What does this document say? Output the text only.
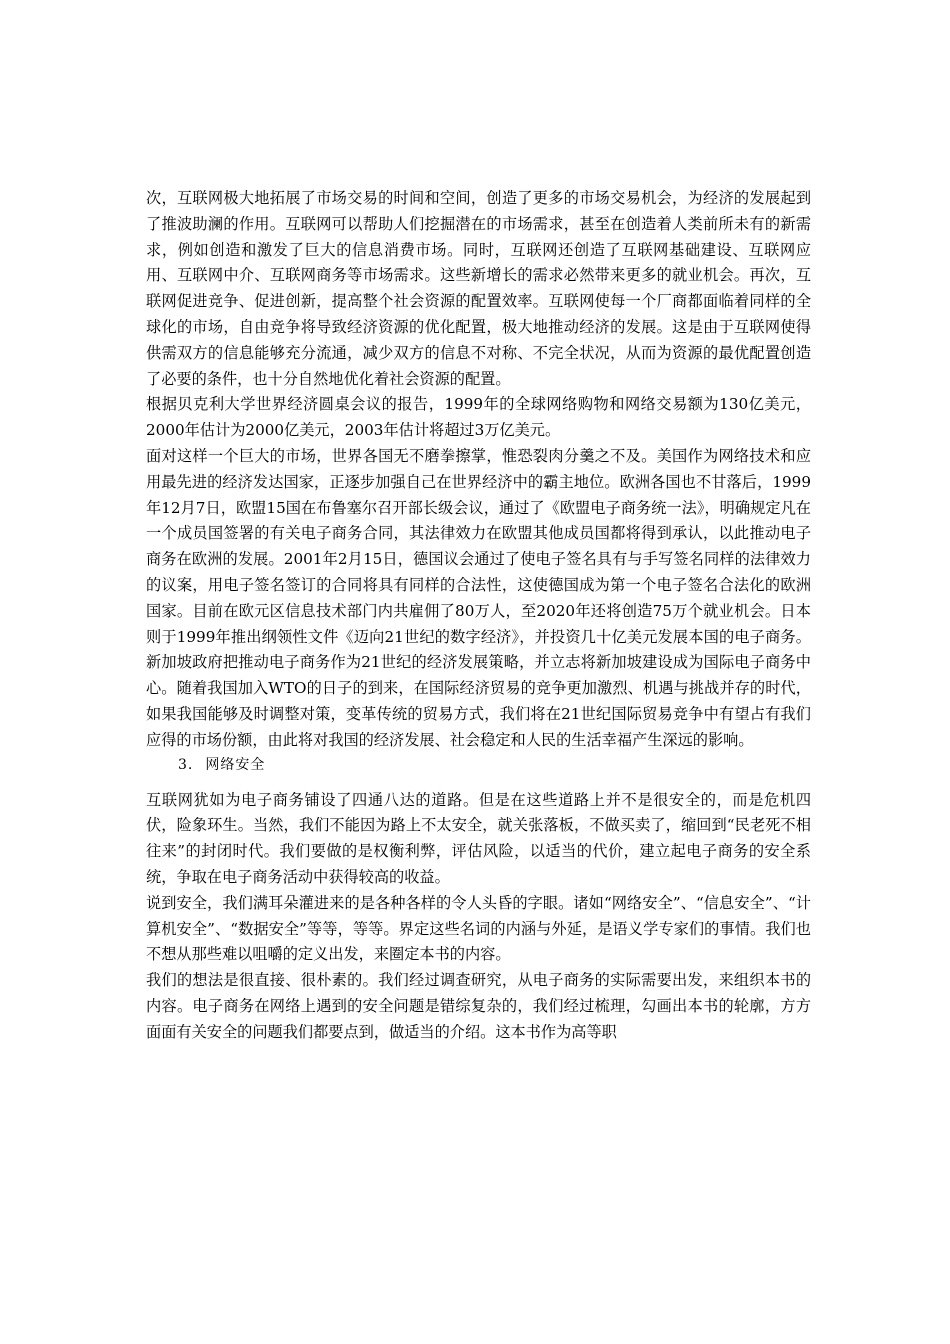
次，互联网极大地拓展了市场交易的时间和空间，创造了更多的市场交易机会，为经济的发展起到了推波助澜的作用。互联网可以帮助人们挖掘潜在的市场需求，甚至在创造着人类前所未有的新需求，例如创造和激发了巨大的信息消费市场。同时，互联网还创造了互联网基础建设、互联网应用、互联网中介、互联网商务等市场需求。这些新增长的需求必然带来更多的就业机会。再次，互联网促进竞争、促进创新，提高整个社会资源的配置效率。互联网使每一个厂商都面临着同样的全球化的市场，自由竞争将导致经济资源的优化配置，极大地推动经济的发展。这是由于互联网使得供需双方的信息能够充分流通，减少双方的信息不对称、不完全状况，从而为资源的最优配置创造了必要的条件，也十分自然地优化着社会资源的配置。

根据贝克利大学世界经济圆桌会议的报告，1999年的全球网络购物和网络交易额为130亿美元，2000年估计为2000亿美元，2003年估计将超过3万亿美元。

面对这样一个巨大的市场，世界各国无不磨拳擦掌，惟恐裂肉分羹之不及。美国作为网络技术和应用最先进的经济发达国家，正逐步加强自己在世界经济中的霸主地位。欧洲各国也不甘落后，1999年12月7日，欧盟15国在布鲁塞尔召开部长级会议，通过了《欧盟电子商务统一法》，明确规定凡在一个成员国签署的有关电子商务合同，其法律效力在欧盟其他成员国都将得到承认，以此推动电子商务在欧洲的发展。2001年2月15日，德国议会通过了使电子签名具有与手写签名同样的法律效力的议案，用电子签名签订的合同将具有同样的合法性，这使德国成为第一个电子签名合法化的欧洲国家。目前在欧元区信息技术部门内共雇佣了80万人，至2020年还将创造75万个就业机会。日本则于1999年推出纲领性文件《迈向21世纪的数字经济》，并投资几十亿美元发展本国的电子商务。新加坡政府把推动电子商务作为21世纪的经济发展策略，并立志将新加坡建设成为国际电子商务中心。随着我国加入WTO的日子的到来，在国际经济贸易的竞争更加激烈、机遇与挑战并存的时代，如果我国能够及时调整对策，变革传统的贸易方式，我们将在21世纪国际贸易竞争中有望占有我们应得的市场份额，由此将对我国的经济发展、社会稳定和人民的生活幸福产生深远的影响。

3. 网络安全

互联网犹如为电子商务铺设了四通八达的道路。但是在这些道路上并不是很安全的，而是危机四伏，险象环生。当然，我们不能因为路上不太安全，就关张落板，不做买卖了，缩回到“民老死不相往来”的封闭时代。我们要做的是权衡利弊，评估风险，以适当的代价，建立起电子商务的安全系统，争取在电子商务活动中获得较高的收益。

说到安全，我们满耳朵灌进来的是各种各样的令人头昏的字眼。诸如“网络安全”、“信息安全”、“计算机安全”、“数据安全”等等，等等。界定这些名词的内涵与外延，是语义学专家们的事情。我们也不想从那些难以咀嚼的定义出发，来圈定本书的内容。

我们的想法是很直接、很朴素的。我们经过调查研究，从电子商务的实际需要出发，来组织本书的内容。电子商务在网络上遇到的安全问题是错综复杂的，我们经过梳理，勾画出本书的轮廓，方方面面有关安全的问题我们都要点到，做适当的介绍。这本书作为高等职
